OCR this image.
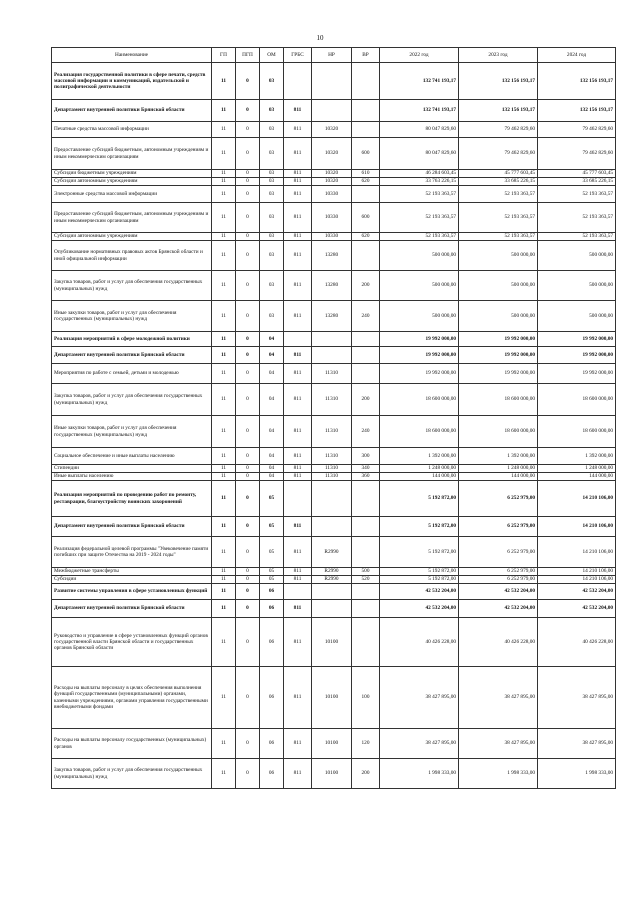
10
Наименование	ГП	ПГП	ОМ	ГРБС	НР	ВР	2022 год	2023 год	2024 год
Реализация государственной политики в сфере печати, средств массовой информации и коммуникаций, издательской и полиграфической деятельности	11	0	03				132 741 193,17	132 156 193,17	132 156 193,17
Департамент внутренней политики Брянской области	11	0	03	811			132 741 193,17	132 156 193,17	132 156 193,17
Печатные средства массовой информации	11	0	03	811	10320		80 047 829,60	79 462 829,60	79 462 829,60
Предоставление субсидий бюджетным, автономным учреждениям и иным некоммерческим организациям	11	0	03	811	10320	600	80 047 829,60	79 462 829,60	79 462 829,60
Субсидии бюджетным учреждениям	11	0	03	811	10320	610	46 284 603,45	45 777 603,45	45 777 603,45
Субсидии автономным учреждениям	11	0	03	811	10320	620	33 763 226,15	33 685 226,15	33 685 226,15
Электронные средства массовой информации	11	0	03	811	10330		52 193 363,57	52 193 363,57	52 193 363,57
Предоставление субсидий бюджетным, автономным учреждениям и иным некоммерческим организациям	11	0	03	811	10330	600	52 193 363,57	52 193 363,57	52 193 363,57
Субсидии автономным учреждениям	11	0	03	811	10330	620	52 193 363,57	52 193 363,57	52 193 363,57
Опубликование нормативных правовых актов Брянской области и иной официальной информации	11	0	03	811	13280		500 000,00	500 000,00	500 000,00
Закупка товаров, работ и услуг для обеспечения государственных (муниципальных) нужд	11	0	03	811	13280	200	500 000,00	500 000,00	500 000,00
Иные закупки товаров, работ и услуг для обеспечения государственных (муниципальных) нужд	11	0	03	811	13280	240	500 000,00	500 000,00	500 000,00
Реализация мероприятий в сфере молодежной политики	11	0	04				19 992 000,00	19 992 000,00	19 992 000,00
Департамент внутренней политики Брянской области	11	0	04	811			19 992 000,00	19 992 000,00	19 992 000,00
Мероприятия по работе с семьей, детьми и молодежью	11	0	04	811	11310		19 992 000,00	19 992 000,00	19 992 000,00
Закупка товаров, работ и услуг для обеспечения государственных (муниципальных) нужд	11	0	04	811	11310	200	18 600 000,00	18 600 000,00	18 600 000,00
Иные закупки товаров, работ и услуг для обеспечения государственных (муниципальных) нужд	11	0	04	811	11310	240	18 600 000,00	18 600 000,00	18 600 000,00
Социальное обеспечение и иные выплаты населению	11	0	04	811	11310	300	1 392 000,00	1 392 000,00	1 392 000,00
Стипендии	11	0	04	811	11310	340	1 248 000,00	1 248 000,00	1 248 000,00
Иные выплаты населению	11	0	04	811	11310	360	144 000,00	144 000,00	144 000,00
Реализация мероприятий по проведению работ по ремонту, реставрации, благоустройству воинских захоронений	11	0	05				5 192 872,00	6 252 979,00	14 210 106,00
Департамент внутренней политики Брянской области	11	0	05	811			5 192 872,00	6 252 979,00	14 210 106,00
Реализация федеральной целевой программы "Увековечение памяти погибших при защите Отечества на 2019 - 2024 годы"	11	0	05	811	R2990		5 192 872,00	6 252 979,00	14 210 106,00
Межбюджетные трансферты	11	0	05	811	R2990	500	5 192 872,00	6 252 979,00	14 210 106,00
Субсидии	11	0	05	811	R2990	520	5 192 872,00	6 252 979,00	14 210 106,00
Развитие системы управления в сфере установленных функций	11	0	06				42 532 204,00	42 532 204,00	42 532 204,00
Департамент внутренней политики Брянской области	11	0	06	811			42 532 204,00	42 532 204,00	42 532 204,00
Руководство и управление в сфере установленных функций органов государственной власти Брянской области и государственных органов Брянской области	11	0	06	811	10100		40 426 228,00	40 426 228,00	40 426 228,00
Расходы на выплаты персоналу в целях обеспечения выполнения функций государственными (муниципальными) органами, казенными учреждениями, органами управления государственными внебюджетными фондами	11	0	06	811	10100	100	38 427 895,00	38 427 895,00	38 427 895,00
Расходы на выплаты персоналу государственных (муниципальных) органов	11	0	06	811	10100	120	38 427 895,00	38 427 895,00	38 427 895,00
Закупка товаров, работ и услуг для обеспечения государственных (муниципальных) нужд	11	0	06	811	10100	200	1 998 333,00	1 998 333,00	1 998 333,00
